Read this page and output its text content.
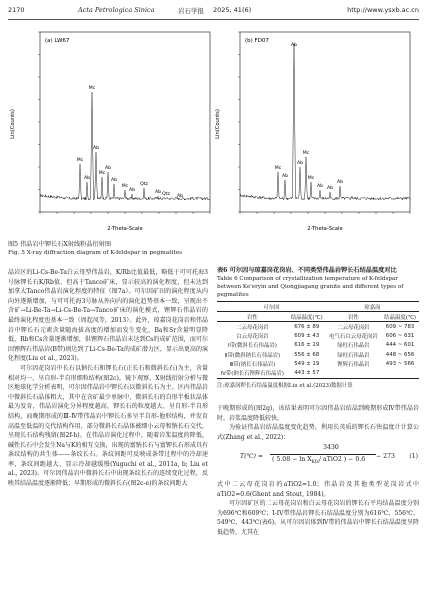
2170	Acta Petrologica Sinica	岩石学报 2025, 41(6)	http://www.ysxb.ac.cn
Lin(Counts)
2-Theta-Scale
(a) LW67
Mc
Ab
Mc
Ab
Mc
Ab
Ab
Mc
Ab
Qtz
Ab Qtz Ab
Lin(Counts)
2-Theta-Scale
(b) FD07
Mc
Ab
Ab
Ab
Mc
Mc
Ab Ab
Ab
图5 伟晶岩中钾长石X射线粉晶衍射图
Fig. 5 X-ray diffraction diagram of K-feldspar in pegmatites
晶岩区的Li-Cs-Be-Ta白云母型伟晶岩，K/Rb比值最低，略低于可可托海3号脉钾长石K/Rb值，但高于Tanco矿床，显示较高的演化程度，但未达到加拿大Tanco伟晶岩演化程度的特征（图7a）。可尔因矿田的演化程度从内向外逐渐增加，与可可托海3号脉从外向内的演化趋势基本一致，呈现出不含矿→Li-Be-Ta→Li-Cs-Be-Ta→Tanco矿床的演化模式，锂辉石伟晶岩的最终演化程度也基本一致（周起凤等，2013）。此外，琼嘉岗花岗岩和伟晶岩中钾长石元素含量随海拔高度的增加而发生变化，Ba和Sr含量明显降低，Rb和Cs含量逐渐增加，供锂辉石伟晶岩未达到Cs的成矿范围，而可尔因锂辉石伟晶岩(B带)则达到了Li-Cs-Be-Ta的成矿潜力区，显示出更高的演化程度(Liu et al., 2023)。
可尔因花岗岩中长石以钠长石和钾长石(正长石和微斜长石)为主，含量相对均一，呈自形-半自形细粒结构(图2c)。镜下观察、X射线衍射分析与微区地球化学分析表明，可尔因伟晶岩中钾长石以微斜长石为主。区内伟晶岩中微斜长石晶体粗大，其中在含矿最少单脉中，微斜长石的自形半板状晶体最为发育，伟晶岩演化分异程度越高，钾长石的粒度越大、呈自形-半自形结构，而晚期形成的Ⅲ-Ⅳ带伟晶岩中钾长石多呈半自形-他形结构，并发育高温至低温的交代结构作用，部分微斜长石晶体被细小云母和钠长石交代，呈现长石结构残留(图2f-h)。在伟晶岩演化过程中，随着岩浆温度的降低，碱性长石中会发生Na与K的相互交换，出现的富钠长石与富钾长石形成具有条纹结构的共生体——条纹长石。条纹间距可反映成条带过程中的冷却速率，条纹间距越大，显示冷却越缓慢(Yuguchi et al., 2011a, b; Liu et al., 2023)。可尔因伟晶岩中微斜长石中出现条纹长石的连续变化过程，反映其结晶温度逐渐降低；早期形成的微斜长石(图2c-e)的条纹间距大
表6 可尔因与琼嘉岗花岗岩、不同类型伟晶岩钾长石结晶温度对比
Table 6 Comparison of crystallization temperature of K-feldspar between Ke'eryin and Qiongjiagang granite and different types of pegmatites
可尔因		琼嘉岗	
岩性	结晶温度(℃)	岩性	结晶温度(℃)
二云母花岗岩	676 ± 89	二云母花岗岩	609 ~ 783
白云母花岗岩	609 ± 43	电气石白云母花岗岩	606 ~ 631
Ⅰ带(微斜长石伟晶岩)	616 ± 19	绿柱石伟晶岩	444 ~ 601
Ⅱ带(微斜钠长石伟晶岩)	556 ± 68	绿柱石伟晶岩	448 ~ 656
Ⅲ带(钠长石伟晶岩)	549 ± 19	锂辉石伟晶岩	493 ~ 566
Ⅳ带(钠长石锂辉石伟晶岩)	443 ± 57		
注:琼嘉岗钾长石结晶温度根据Liu et al.(2023)数据计算
于晚期形成的(图2g)，该结果表明可尔因伟晶岩结晶到晚期形成Ⅳ带伟晶岩时，岩浆温度降低较快。
为验证伟晶岩结晶温度变化趋势，利用长英质的钾长石快温度计计算公式(Zhang et al., 2022)：
T(℃) =
3430
( $5.08 - \ln X_{Kfs}/$ aTiO2 ) − 0.6 − 273 (1)
式中二云母花岗岩的aTiO2=1.0；伟晶岩及其他类型花岗岩式中aTiO2=0.6(Ghent and Stout, 1984)。
可尔因矿区的二云母花岗岩和白云母花岗岩的钾长石平均结晶温度分别为696℃和609℃；I-IV带伟晶岩钾长石结晶温度分别为616℃、556℃、549℃、443℃(表6)。从可尔因岩体到Ⅳ带的伟晶岩中钾长石结晶温度呈降低趋势，尤其在
